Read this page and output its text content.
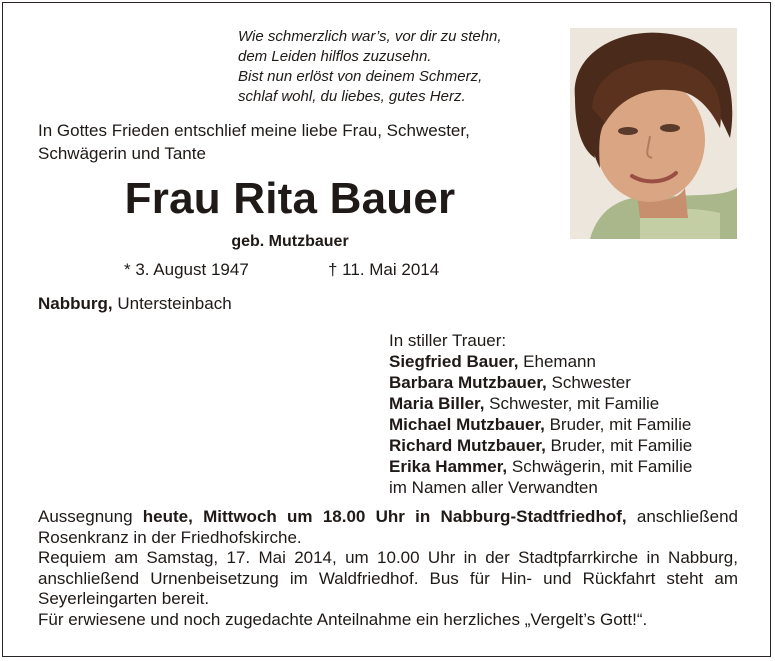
Wie schmerzlich war’s, vor dir zu stehn,
dem Leiden hilflos zuzusehn.
Bist nun erlöst von deinem Schmerz,
schlaf wohl, du liebes, gutes Herz.
In Gottes Frieden entschlief meine liebe Frau, Schwester, Schwägerin und Tante
Frau Rita Bauer
geb. Mutzbauer
* 3. August 1947	† 11. Mai 2014
Nabburg, Untersteinbach
In stiller Trauer:
Siegfried Bauer, Ehemann
Barbara Mutzbauer, Schwester
Maria Biller, Schwester, mit Familie
Michael Mutzbauer, Bruder, mit Familie
Richard Mutzbauer, Bruder, mit Familie
Erika Hammer, Schwägerin, mit Familie
im Namen aller Verwandten

Aussegnung heute, Mittwoch um 18.00 Uhr in Nabburg-Stadtfriedhof, anschließend Rosenkranz in der Friedhofskirche.

Requiem am Samstag, 17. Mai 2014, um 10.00 Uhr in der Stadtpfarrkirche in Nabburg, anschließend Urnenbeisetzung im Waldfriedhof. Bus für Hin- und Rückfahrt steht am Seyerleingarten bereit.

Für erwiesene und noch zugedachte Anteilnahme ein herzliches „Vergelt’s Gott!“.
